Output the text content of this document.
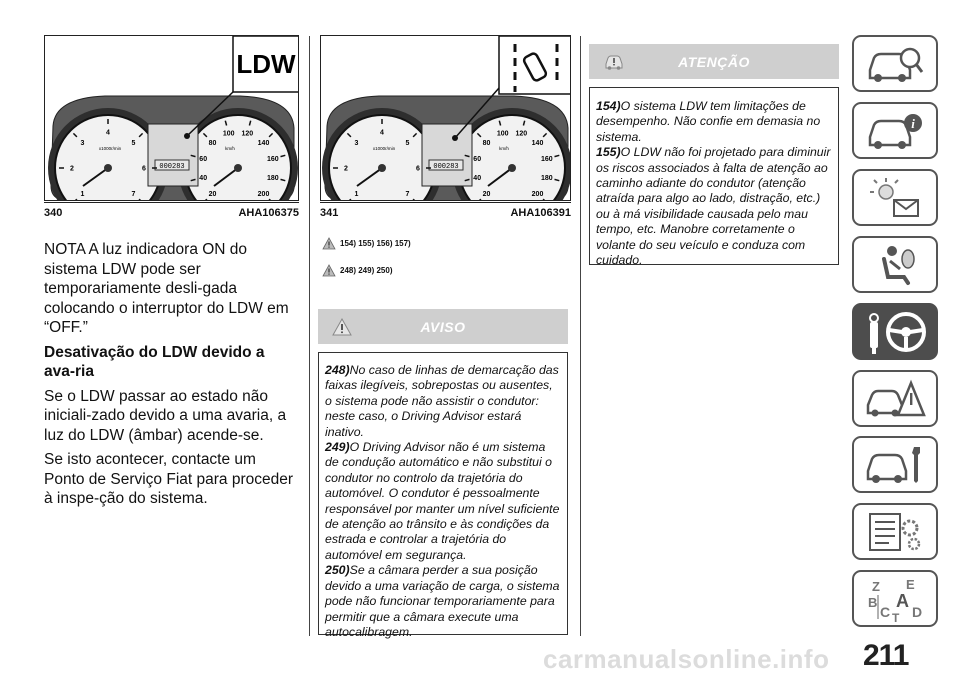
000283
x1000r/min	km/h
1
2
3
4
5
6
7	20
40
60
80
100 120
140
160
180
200
LDW
340	AHA106375

NOTA A luz indicadora ON do sistema LDW pode ser temporariamente desli-gada colocando o interruptor do LDW em “OFF.”

Desativação do LDW devido a ava-ria

Se o LDW passar ao estado não iniciali-zado devido a uma avaria, a luz do LDW (âmbar) acende-se.

Se isto acontecer, contacte um Ponto de Serviço Fiat para proceder à inspe-ção do sistema.

000283
x1000r/min	km/h
1
2
3
4
5
6
7	20
40
60
80
100 120
140
160
180
200
341	AHA106391
154) 155) 156) 157)
248) 249) 250)
AVISO

248)No caso de linhas de demarcação das faixas ilegíveis, sobrepostas ou ausentes, o sistema pode não assistir o condutor: neste caso, o Driving Advisor estará inativo.

249)O Driving Advisor não é um sistema de condução automático e não substitui o condutor no controlo da trajetória do automóvel. O condutor é pessoalmente responsável por manter um nível suficiente de atenção ao trânsito e às condições da estrada e controlar a trajetória do automóvel em segurança.

250)Se a câmara perder a sua posição devido a uma variação de carga, o sistema pode não funcionar temporariamente para permitir que a câmara execute uma autocalibragem.

ATENÇÃO

154)O sistema LDW tem limitações de desempenho. Não confie em demasia no sistema.

155)O LDW não foi projetado para diminuir os riscos associados à falta de atenção ao caminho adiante do condutor (atenção atraída para algo ao lado, distração, etc.) ou à má visibilidade causada pelo mau tempo, etc. Manobre corretamente o volante do seu veículo e conduza com cuidado.

i
Z E
A
B
C T D
carmanualsonline.info 211
